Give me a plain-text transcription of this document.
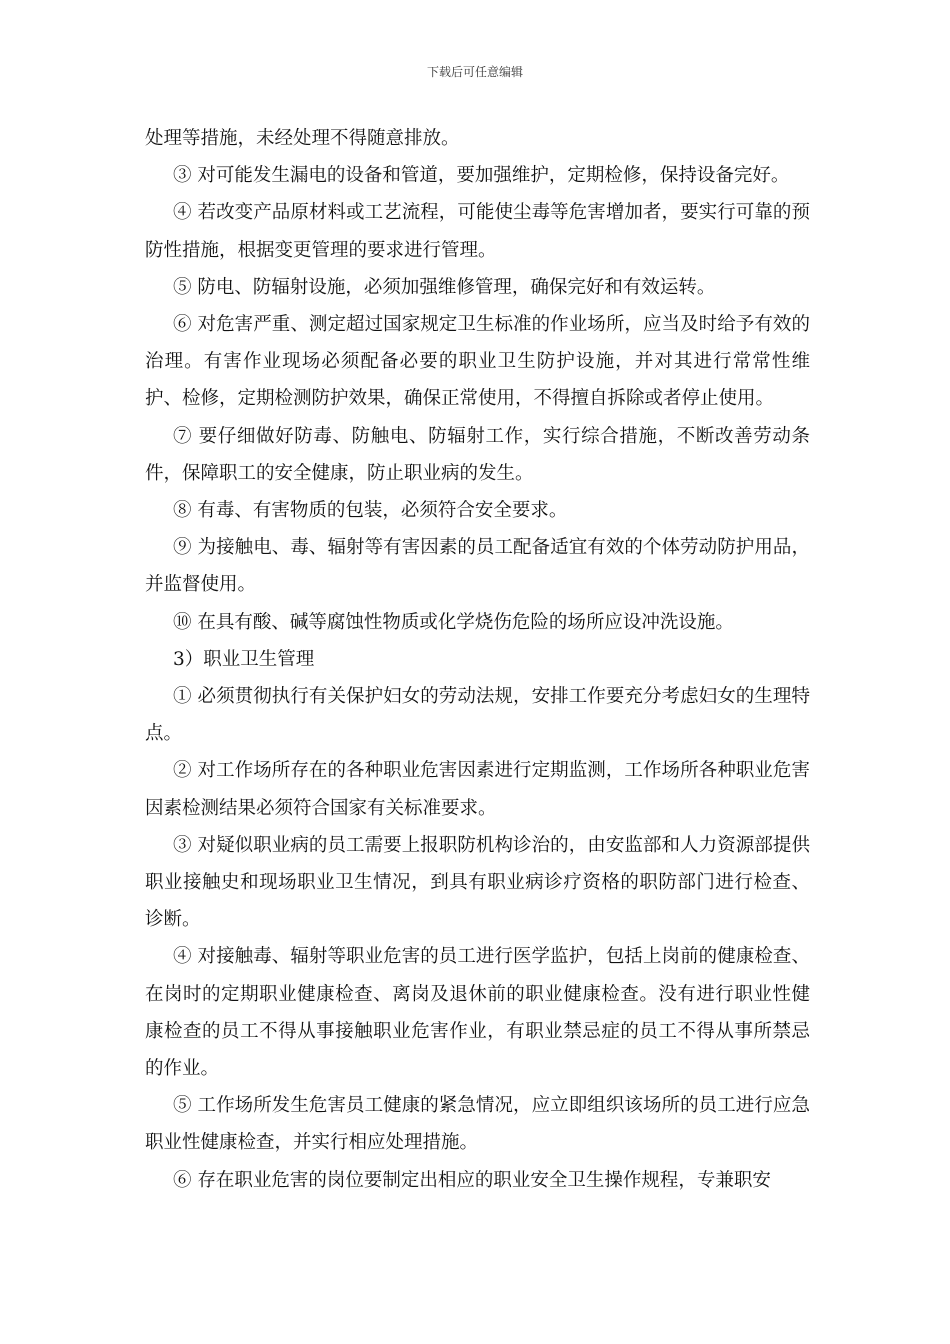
下载后可任意编辑

处理等措施，未经处理不得随意排放。

③ 对可能发生漏电的设备和管道，要加强维护，定期检修，保持设备完好。

④ 若改变产品原材料或工艺流程，可能使尘毒等危害增加者，要实行可靠的预防性措施，根据变更管理的要求进行管理。

⑤ 防电、防辐射设施，必须加强维修管理，确保完好和有效运转。

⑥ 对危害严重、测定超过国家规定卫生标准的作业场所，应当及时给予有效的治理。有害作业现场必须配备必要的职业卫生防护设施，并对其进行常常性维护、检修，定期检测防护效果，确保正常使用，不得擅自拆除或者停止使用。

⑦ 要仔细做好防毒、防触电、防辐射工作，实行综合措施，不断改善劳动条件，保障职工的安全健康，防止职业病的发生。

⑧ 有毒、有害物质的包装，必须符合安全要求。

⑨ 为接触电、毒、辐射等有害因素的员工配备适宜有效的个体劳动防护用品，并监督使用。

⑩ 在具有酸、碱等腐蚀性物质或化学烧伤危险的场所应设冲洗设施。

3）职业卫生管理

① 必须贯彻执行有关保护妇女的劳动法规，安排工作要充分考虑妇女的生理特点。

② 对工作场所存在的各种职业危害因素进行定期监测，工作场所各种职业危害因素检测结果必须符合国家有关标准要求。

③ 对疑似职业病的员工需要上报职防机构诊治的，由安监部和人力资源部提供职业接触史和现场职业卫生情况，到具有职业病诊疗资格的职防部门进行检查、诊断。

④ 对接触毒、辐射等职业危害的员工进行医学监护，包括上岗前的健康检查、在岗时的定期职业健康检查、离岗及退休前的职业健康检查。没有进行职业性健康检查的员工不得从事接触职业危害作业，有职业禁忌症的员工不得从事所禁忌的作业。

⑤ 工作场所发生危害员工健康的紧急情况，应立即组织该场所的员工进行应急职业性健康检查，并实行相应处理措施。

⑥ 存在职业危害的岗位要制定出相应的职业安全卫生操作规程，专兼职安
